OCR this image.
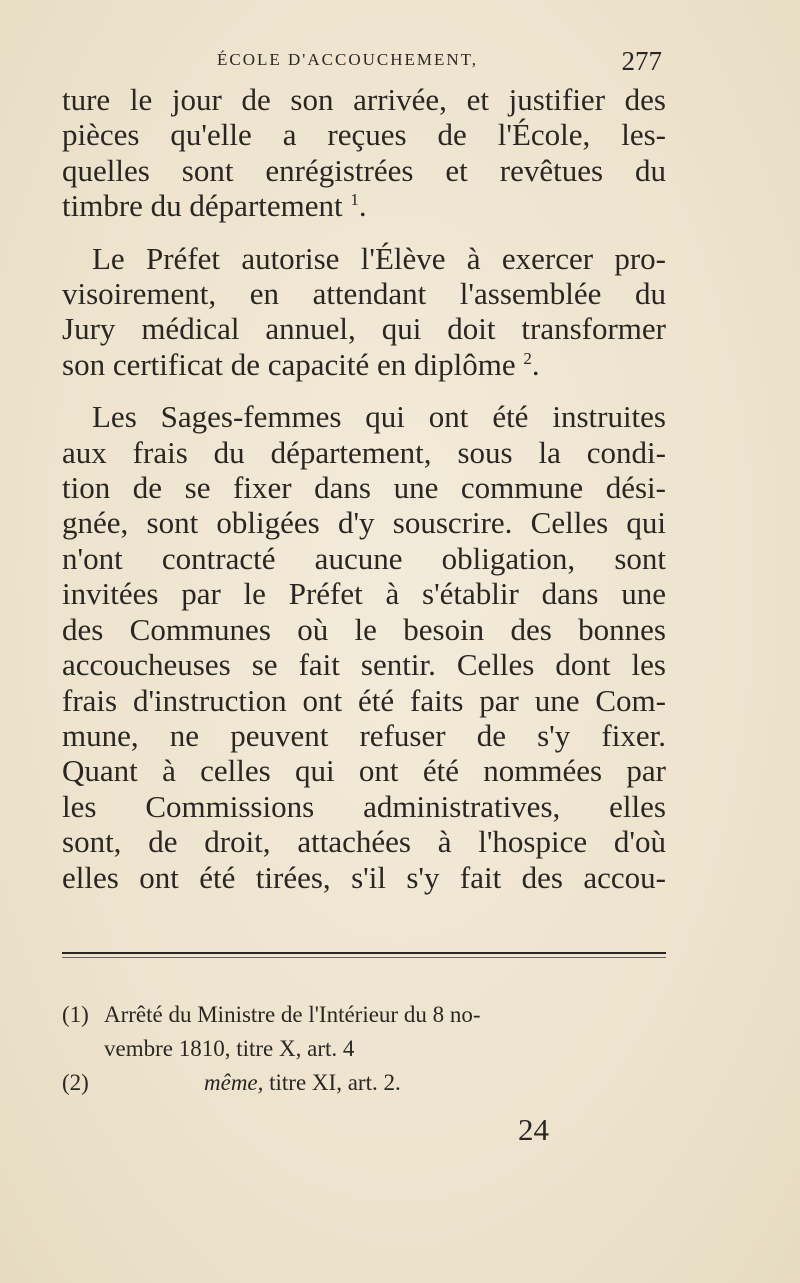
ÉCOLE D'ACCOUCHEMENT,	277

ture le jour de son arrivée, et justifier des

pièces qu'elle a reçues de l'École, les-

quelles sont enrégistrées et revêtues du

timbre du département $^1$.

Le Préfet autorise l'Élève à exercer pro-

visoirement, en attendant l'assemblée du

Jury médical annuel, qui doit transformer

son certificat de capacité en diplôme $^2$.

Les Sages-femmes qui ont été instruites

aux frais du département, sous la condi-

tion de se fixer dans une commune dési-

gnée, sont obligées d'y souscrire. Celles qui

n'ont contracté aucune obligation, sont

invitées par le Préfet à s'établir dans une

des Communes où le besoin des bonnes

accoucheuses se fait sentir. Celles dont les

frais d'instruction ont été faits par une Com-

mune, ne peuvent refuser de s'y fixer.

Quant à celles qui ont été nommées par

les Commissions administratives, elles

sont, de droit, attachées à l'hospice d'où

elles ont été tirées, s'il s'y fait des accou-

(1) Arrêté du Ministre de l'Intérieur du 8 no-
vembre 1810, titre X, art. 4
(2)	même, titre XI, art. 2.
24
